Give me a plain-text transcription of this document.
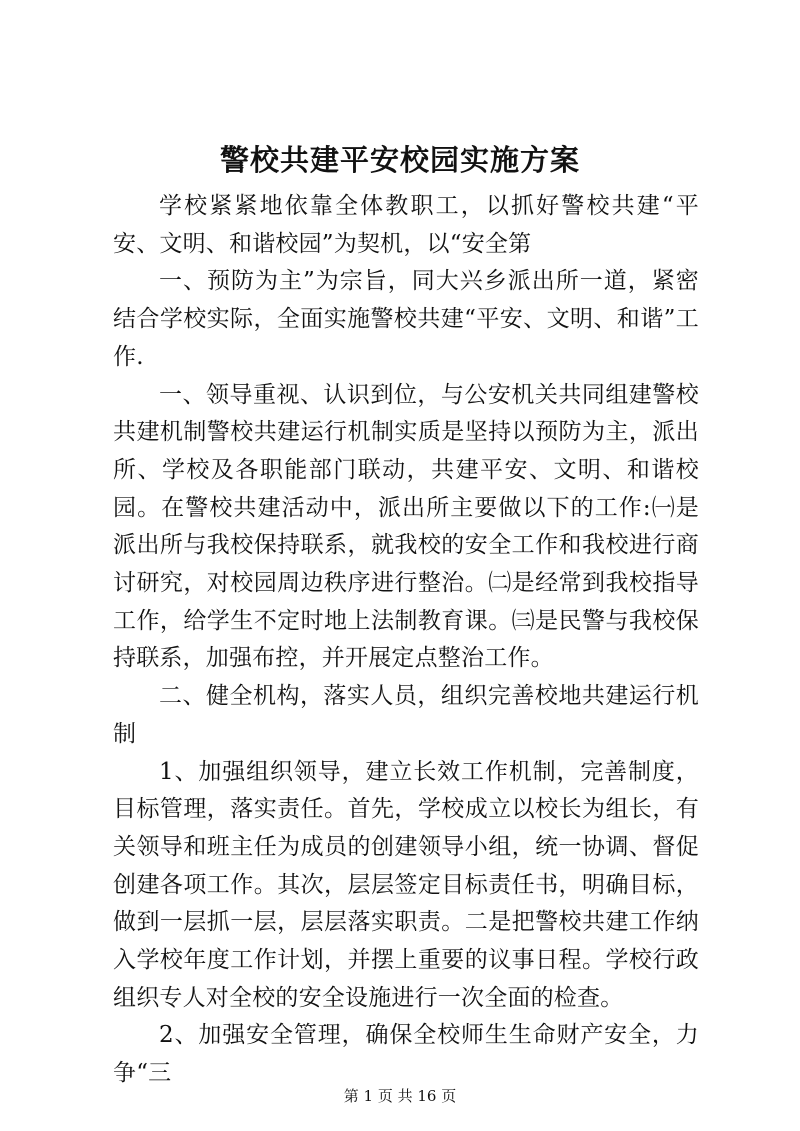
警校共建平安校园实施方案

学校紧紧地依靠全体教职工，以抓好警校共建“平安、文明、和谐校园”为契机，以“安全第

一、预防为主”为宗旨，同大兴乡派出所一道，紧密结合学校实际，全面实施警校共建“平安、文明、和谐”工作.

一、领导重视、认识到位，与公安机关共同组建警校共建机制警校共建运行机制实质是坚持以预防为主，派出所、学校及各职能部门联动，共建平安、文明、和谐校园。在警校共建活动中，派出所主要做以下的工作:㈠是派出所与我校保持联系，就我校的安全工作和我校进行商讨研究，对校园周边秩序进行整治。㈡是经常到我校指导工作，给学生不定时地上法制教育课。㈢是民警与我校保持联系，加强布控，并开展定点整治工作。

二、健全机构，落实人员，组织完善校地共建运行机制

1、加强组织领导，建立长效工作机制，完善制度，目标管理，落实责任。首先，学校成立以校长为组长，有关领导和班主任为成员的创建领导小组，统一协调、督促创建各项工作。其次，层层签定目标责任书，明确目标，做到一层抓一层，层层落实职责。二是把警校共建工作纳入学校年度工作计划，并摆上重要的议事日程。学校行政组织专人对全校的安全设施进行一次全面的检查。

2、加强安全管理，确保全校师生生命财产安全，力争“三

第 1 页 共 16 页
